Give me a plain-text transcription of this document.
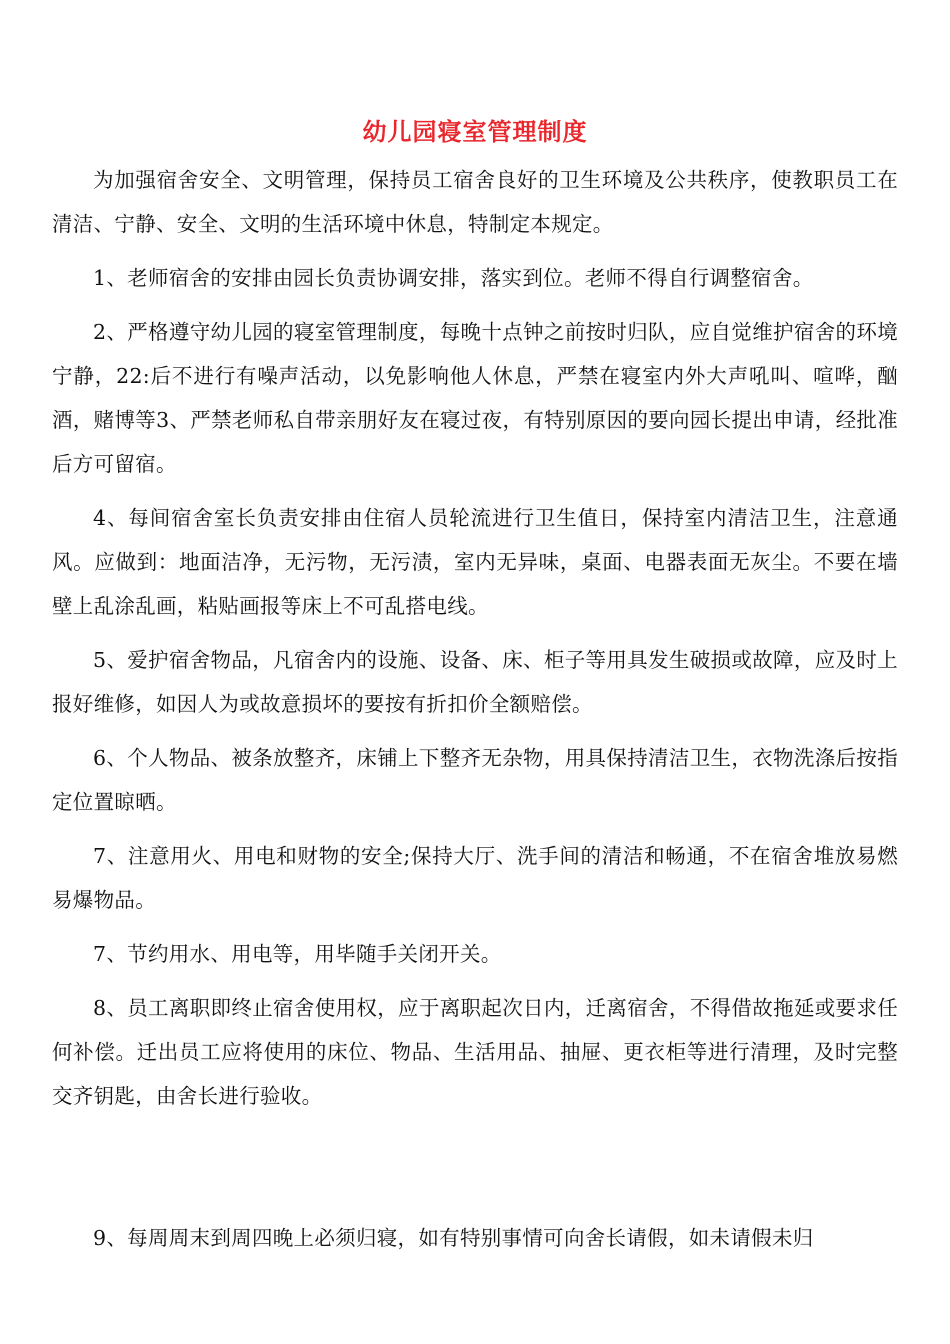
幼儿园寝室管理制度

为加强宿舍安全、文明管理，保持员工宿舍良好的卫生环境及公共秩序，使教职员工在清洁、宁静、安全、文明的生活环境中休息，特制定本规定。

1、老师宿舍的安排由园长负责协调安排，落实到位。老师不得自行调整宿舍。

2、严格遵守幼儿园的寝室管理制度，每晚十点钟之前按时归队，应自觉维护宿舍的环境宁静，22:后不进行有噪声活动，以免影响他人休息，严禁在寝室内外大声吼叫、喧哗，酗酒，赌博等3、严禁老师私自带亲朋好友在寝过夜，有特别原因的要向园长提出申请，经批准后方可留宿。

4、每间宿舍室长负责安排由住宿人员轮流进行卫生值日，保持室内清洁卫生，注意通风。应做到：地面洁净，无污物，无污渍，室内无异味，桌面、电器表面无灰尘。不要在墙壁上乱涂乱画，粘贴画报等床上不可乱搭电线。

5、爱护宿舍物品，凡宿舍内的设施、设备、床、柜子等用具发生破损或故障，应及时上报好维修，如因人为或故意损坏的要按有折扣价全额赔偿。

6、个人物品、被条放整齐，床铺上下整齐无杂物，用具保持清洁卫生，衣物洗涤后按指定位置晾晒。

7、注意用火、用电和财物的安全;保持大厅、洗手间的清洁和畅通，不在宿舍堆放易燃易爆物品。

7、节约用水、用电等，用毕随手关闭开关。

8、员工离职即终止宿舍使用权，应于离职起次日内，迁离宿舍，不得借故拖延或要求任何补偿。迁出员工应将使用的床位、物品、生活用品、抽屉、更衣柜等进行清理，及时完整交齐钥匙，由舍长进行验收。

9、每周周末到周四晚上必须归寝，如有特别事情可向舍长请假，如未请假未归
